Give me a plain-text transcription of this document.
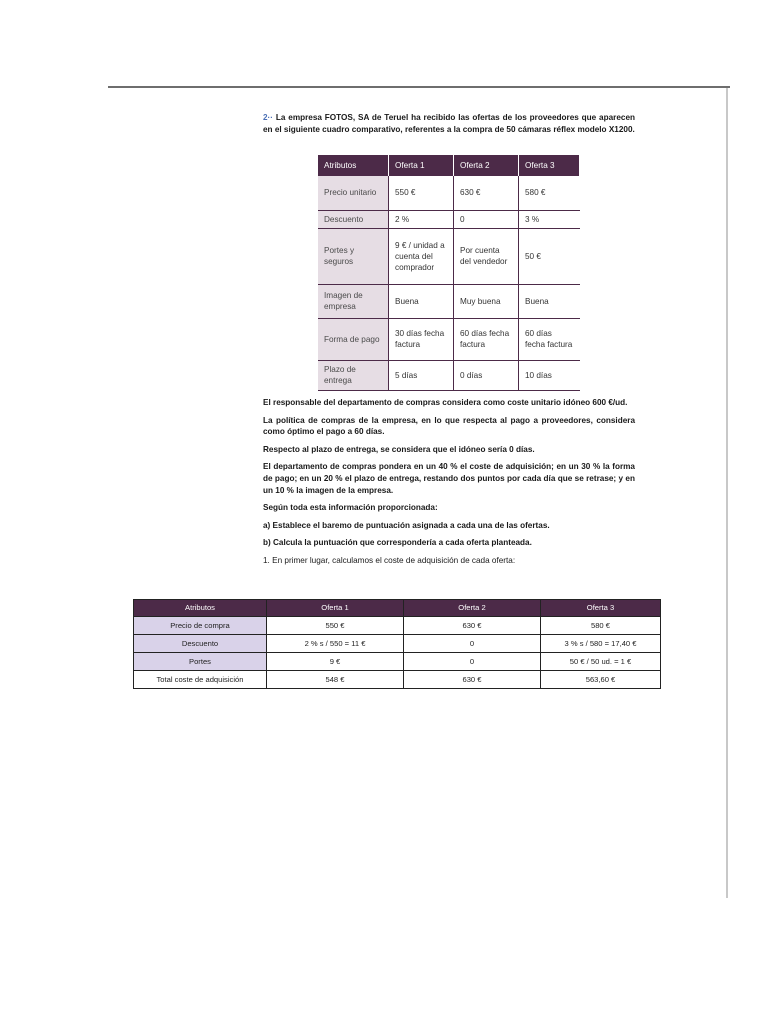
2·· La empresa FOTOS, SA de Teruel ha recibido las ofertas de los proveedores que aparecen en el siguiente cuadro comparativo, referentes a la compra de 50 cámaras réflex modelo X1200.

Atributos	Oferta 1	Oferta 2	Oferta 3
Precio unitario	550 €	630 €	580 €
Descuento	2 %	0	3 %
Portes y seguros	9 € / unidad a cuenta del comprador	Por cuenta del vendedor	50 €
Imagen de empresa	Buena	Muy buena	Buena
Forma de pago	30 días fecha factura	60 días fecha factura	60 días fecha factura
Plazo de entrega	5 días	0 días	10 días

El responsable del departamento de compras considera como coste unitario idóneo 600 €/ud.

La política de compras de la empresa, en lo que respecta al pago a proveedores, considera como óptimo el pago a 60 días.

Respecto al plazo de entrega, se considera que el idóneo sería 0 días.

El departamento de compras pondera en un 40 % el coste de adquisición; en un 30 % la forma de pago; en un 20 % el plazo de entrega, restando dos puntos por cada día que se retrase; y en un 10 % la imagen de la empresa.

Según toda esta información proporcionada:

a) Establece el baremo de puntuación asignada a cada una de las ofertas.

b) Calcula la puntuación que correspondería a cada oferta planteada.

1. En primer lugar, calculamos el coste de adquisición de cada oferta:

Atributos	Oferta 1	Oferta 2	Oferta 3
Precio de compra	550 €	630 €	580 €
Descuento	2 % s / 550 = 11 €	0	3 % s / 580 = 17,40 €
Portes	9 €	0	50 € / 50 ud. = 1 €
Total coste de adquisición	548 €	630 €	563,60 €
